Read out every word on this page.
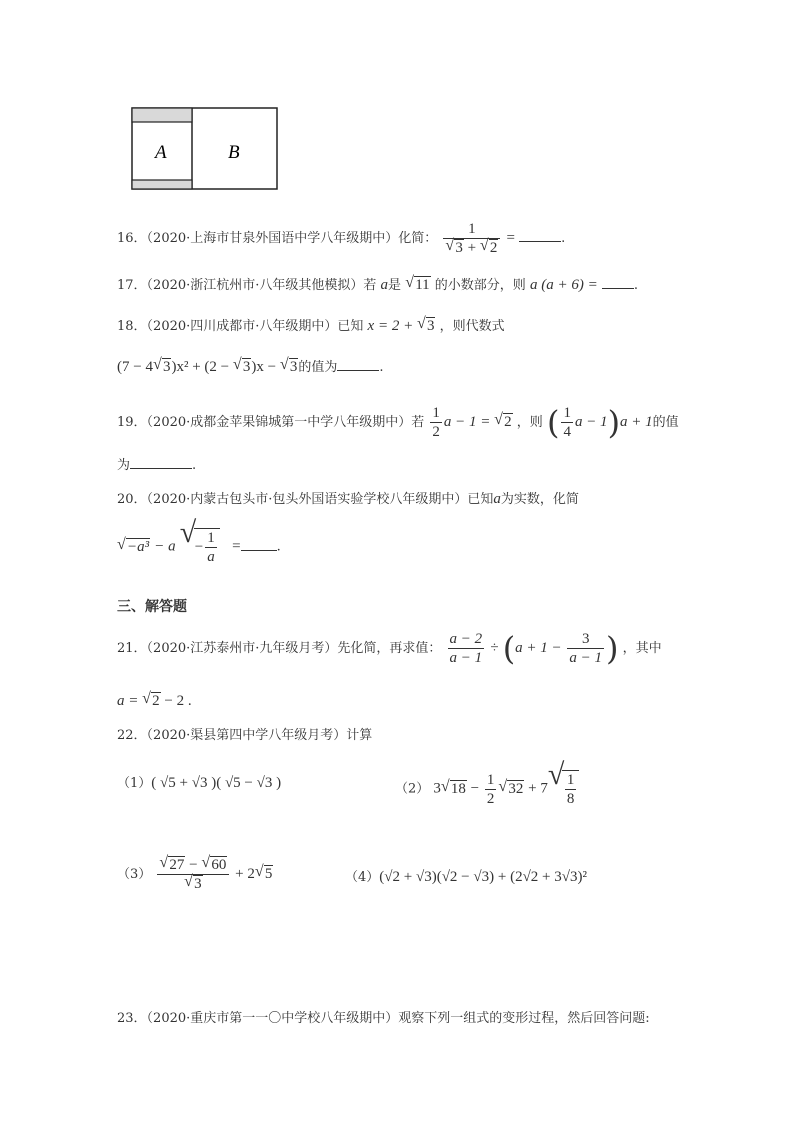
A	B
16．（2020·上海市甘泉外国语中学八年级期中）化简： $\frac{1}{√ 3 + √ 2}$ =	.
17．（2020·浙江杭州市·八年级其他模拟）若 a是 √ 11 的小数部分，则 a (a + 6) =	.
18．（2020·四川成都市·八年级期中）已知 x = 2 + √ 3 ，则代数式
(7 − 4 √ 3)x² + (2 − √ 3)x − √ 3的值为	.
19．（2020·成都金苹果锦城第一中学八年级期中）若 $\frac{1}{2}$ a − 1 = √ 2 ，则 ( $\frac{1}{4}$ a − 1)a + 1的值
为	.
20．（2020·内蒙古包头市·包头外国语实验学校八年级期中）已知a为实数，化简
√ −a³ − a √
− $\frac{1}{a}$ =	.
三、解答题
21．（2020·江苏泰州市·九年级月考）先化简，再求值： $\frac{a - 2}{a - 1} \div (a + 1 - \frac{3}{a - 1}$ ) ，其中
a = √ 2 − 2 .
22．（2020·渠县第四中学八年级月考）计算
（1）( √5 + √3 )( √5 − √3 )	（2） 3 √ $18 - \frac{1}{2}$ √ 32 + 7 √ $\frac{1}{8}$
$(3) \frac{√ 27 - √ 60}{√ 3} + 2$ √ 5	（4）(√2 + √3)(√2 − √3) + (2√2 + 3√3)²
23．（2020·重庆市第一一〇中学校八年级期中）观察下列一组式的变形过程，然后回答问题:
